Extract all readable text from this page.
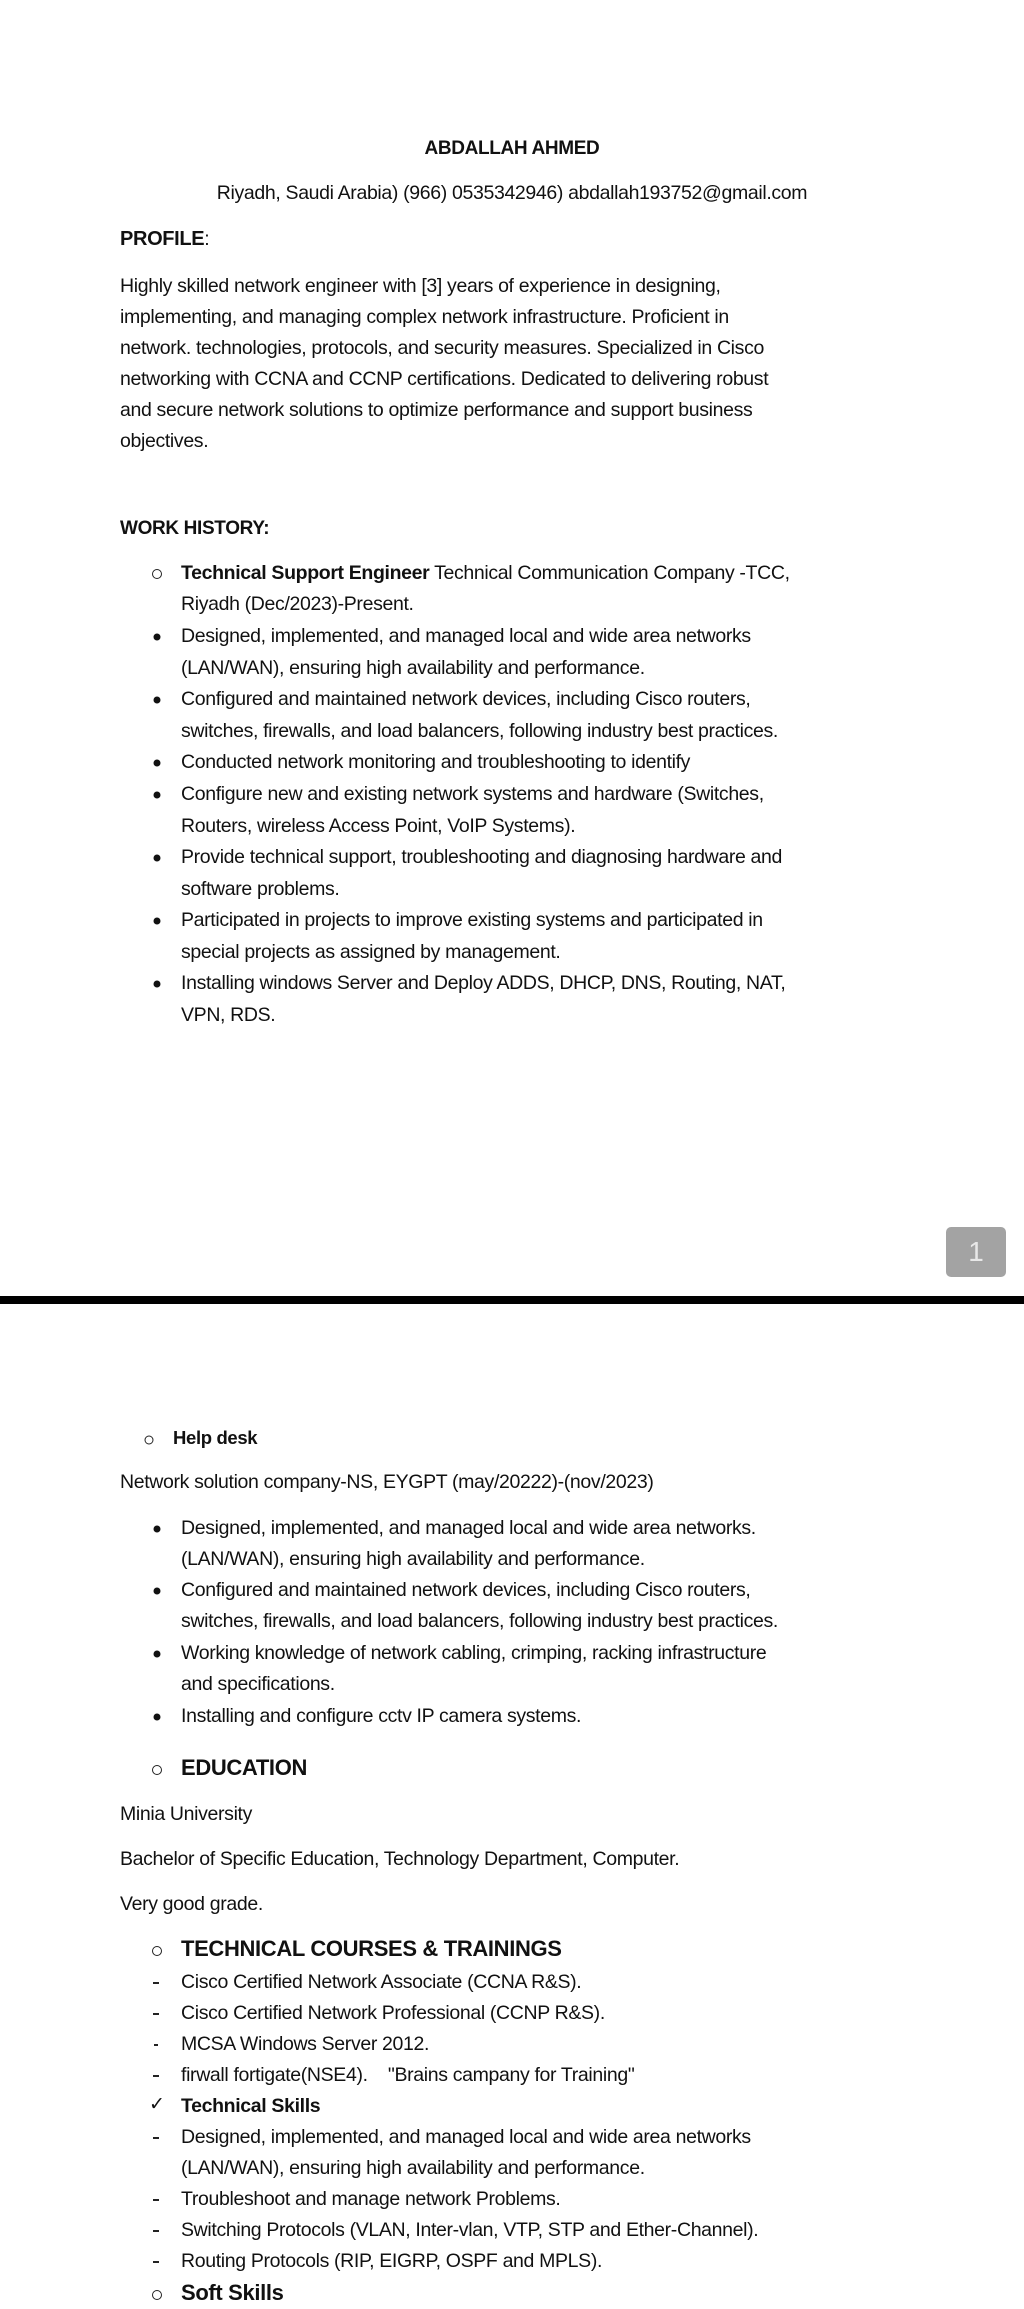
ABDALLAH AHMED
Riyadh, Saudi Arabia) (966) 0535342946) abdallah193752@gmail.com
PROFILE:
Highly skilled network engineer with [3] years of experience in designing,
implementing, and managing complex network infrastructure. Proficient in
network. technologies, protocols, and security measures. Specialized in Cisco
networking with CCNA and CCNP certifications. Dedicated to delivering robust
and secure network solutions to optimize performance and support business
objectives.
WORK HISTORY:
Technical Support Engineer Technical Communication Company -TCC,
Riyadh (Dec/2023)-Present.
Designed, implemented, and managed local and wide area networks
(LAN/WAN), ensuring high availability and performance.
Configured and maintained network devices, including Cisco routers,
switches, firewalls, and load balancers, following industry best practices.
Conducted network monitoring and troubleshooting to identify
Configure new and existing network systems and hardware (Switches,
Routers, wireless Access Point, VoIP Systems).
Provide technical support, troubleshooting and diagnosing hardware and
software problems.
Participated in projects to improve existing systems and participated in
special projects as assigned by management.
Installing windows Server and Deploy ADDS, DHCP, DNS, Routing, NAT,
VPN, RDS.
1
Help desk
Network solution company-NS, EYGPT (may/20222)-(nov/2023)
Designed, implemented, and managed local and wide area networks.
(LAN/WAN), ensuring high availability and performance.
Configured and maintained network devices, including Cisco routers,
switches, firewalls, and load balancers, following industry best practices.
Working knowledge of network cabling, crimping, racking infrastructure
and specifications.
Installing and configure cctv IP camera systems.
EDUCATION
Minia University
Bachelor of Specific Education, Technology Department, Computer.
Very good grade.
TECHNICAL COURSES & TRAININGS
Cisco Certified Network Associate (CCNA R&S).
Cisco Certified Network Professional (CCNP R&S).
MCSA Windows Server 2012.
firwall fortigate(NSE4).    "Brains campany for Training"
✓ Technical Skills
Designed, implemented, and managed local and wide area networks
(LAN/WAN), ensuring high availability and performance.
Troubleshoot and manage network Problems.
Switching Protocols (VLAN, Inter-vlan, VTP, STP and Ether-Channel).
Routing Protocols (RIP, EIGRP, OSPF and MPLS).
Soft Skills
